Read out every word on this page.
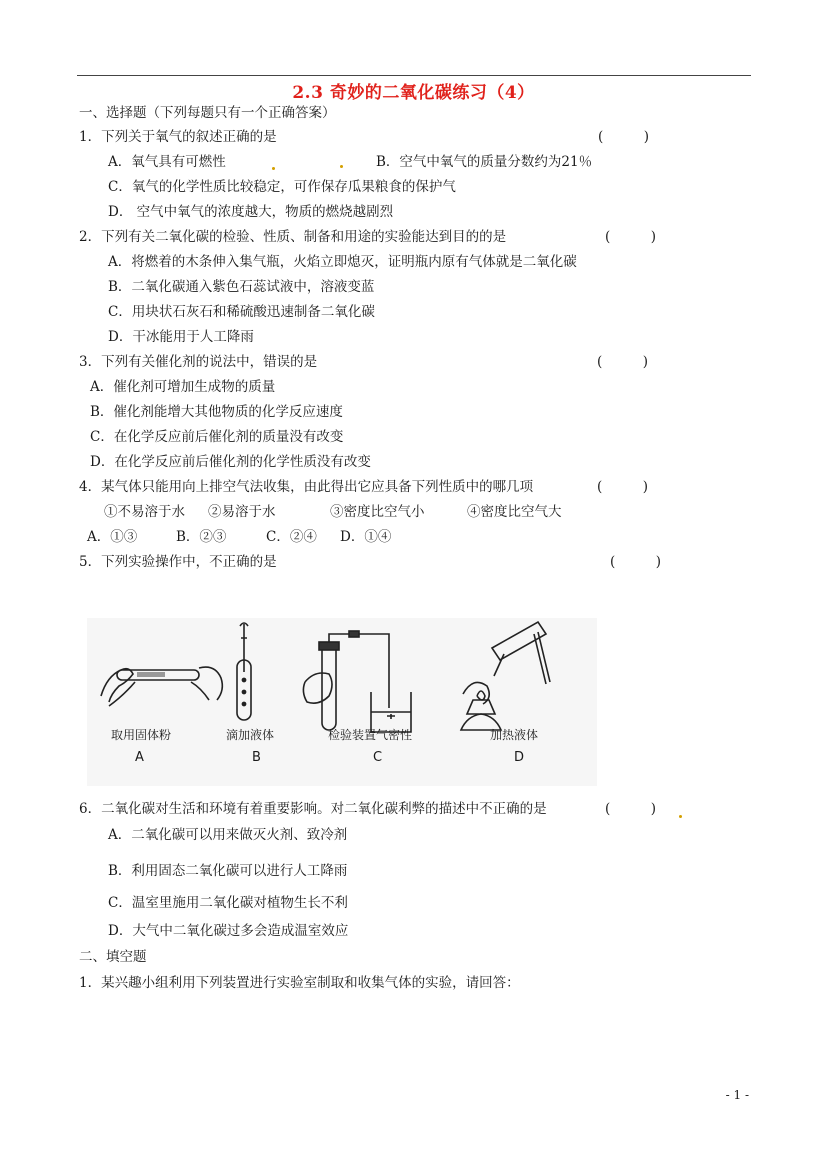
2.3 奇妙的二氧化碳练习（4）
一、选择题（下列每题只有一个正确答案）
1．下列关于氧气的叙述正确的是	(　　　)
A．氧气具有可燃性	B．空气中氧气的质量分数约为21％
C．氧气的化学性质比较稳定，可作保存瓜果粮食的保护气
D． 空气中氧气的浓度越大，物质的燃烧越剧烈
2．下列有关二氧化碳的检验、性质、制备和用途的实验能达到目的的是	(　　　)
A．将燃着的木条伸入集气瓶，火焰立即熄灭，证明瓶内原有气体就是二氧化碳
B．二氧化碳通入紫色石蕊试液中，溶液变蓝
C．用块状石灰石和稀硫酸迅速制备二氧化碳
D．干冰能用于人工降雨
3．下列有关催化剂的说法中，错误的是	(　　　)
A．催化剂可增加生成物的质量
B．催化剂能增大其他物质的化学反应速度
C．在化学反应前后催化剂的质量没有改变
D．在化学反应前后催化剂的化学性质没有改变
4．某气体只能用向上排空气法收集，由此得出它应具备下列性质中的哪几项	(　　　)
①不易溶于水 ②易溶于水	③密度比空气小	④密度比空气大
A．①③	B．②③	C．②④ D．①④
5．下列实验操作中，不正确的是	(　　　)
取用固体粉	滴加液体	检验装置气密性	加热液体
A	B	C	D
6．二氧化碳对生活和环境有着重要影响。对二氧化碳利弊的描述中不正确的是	(　　　)
A．二氧化碳可以用来做灭火剂、致冷剂
B．利用固态二氧化碳可以进行人工降雨
C．温室里施用二氧化碳对植物生长不利
D．大气中二氧化碳过多会造成温室效应
二、填空题
1．某兴趣小组利用下列装置进行实验室制取和收集气体的实验，请回答：
- 1 -
